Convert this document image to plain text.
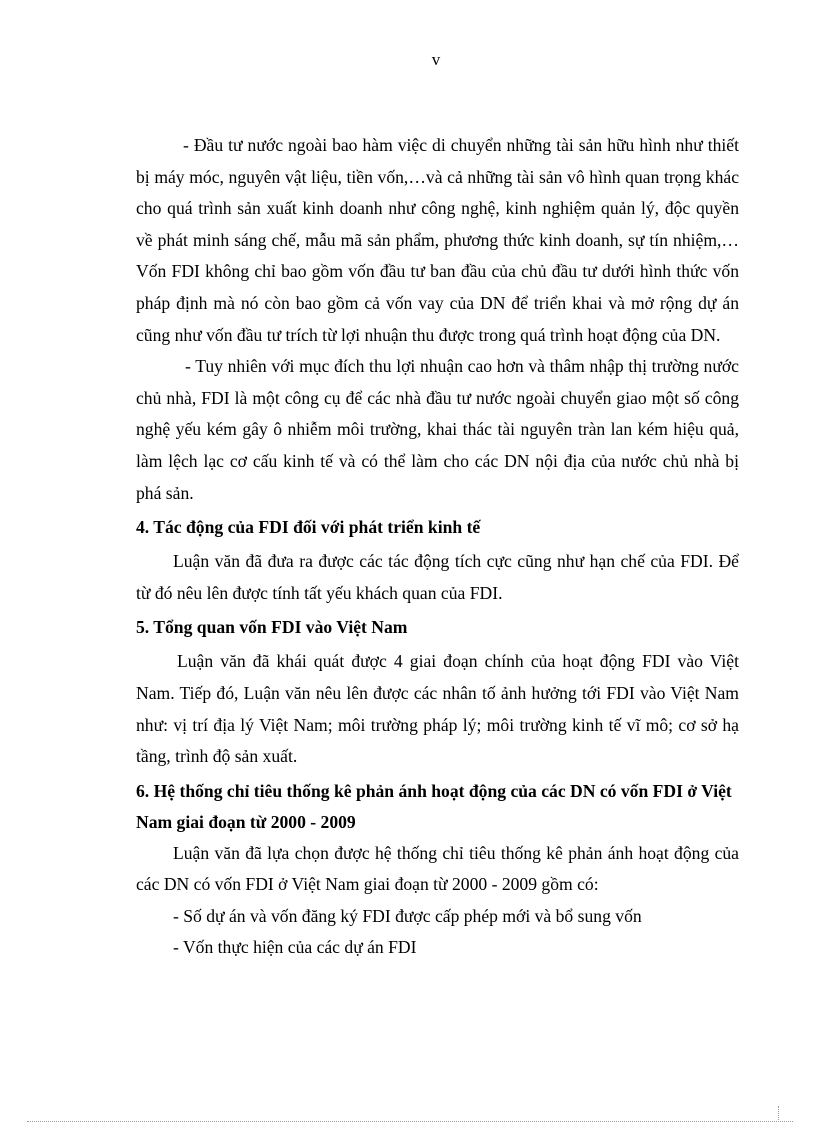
v

- Đầu tư nước ngoài bao hàm việc di chuyển những tài sản hữu hình như thiết bị máy móc, nguyên vật liệu, tiền vốn,…và cả những tài sản vô hình quan trọng khác cho quá trình sản xuất kinh doanh như công nghệ, kinh nghiệm quản lý, độc quyền về phát minh sáng chế, mẫu mã sản phẩm, phương thức kinh doanh, sự tín nhiệm,…Vốn FDI không chỉ bao gồm vốn đầu tư ban đầu của chủ đầu tư dưới hình thức vốn pháp định mà nó còn bao gồm cả vốn vay của DN để triển khai và mở rộng dự án cũng như vốn đầu tư trích từ lợi nhuận thu được trong quá trình hoạt động của DN.

- Tuy nhiên với mục đích thu lợi nhuận cao hơn và thâm nhập thị trường nước chủ nhà, FDI là một công cụ để các nhà đầu tư nước ngoài chuyển giao một số công nghệ yếu kém gây ô nhiễm môi trường, khai thác tài nguyên tràn lan kém hiệu quả, làm lệch lạc cơ cấu kinh tế và có thể làm cho các DN nội địa của nước chủ nhà bị phá sản.

4. Tác động của FDI đối với phát triển kinh tế

Luận văn đã đưa ra được các tác động tích cực cũng như hạn chế của FDI. Để từ đó nêu lên được tính tất yếu khách quan của FDI.

5. Tổng quan vốn FDI vào Việt Nam

Luận văn đã khái quát được 4 giai đoạn chính của hoạt động FDI vào Việt Nam. Tiếp đó, Luận văn nêu lên được các nhân tố ảnh hưởng tới FDI vào Việt Nam như: vị trí địa lý Việt Nam; môi trường pháp lý; môi trường kinh tế vĩ mô; cơ sở hạ tầng, trình độ sản xuất.

6. Hệ thống chỉ tiêu thống kê phản ánh hoạt động của các DN có vốn FDI ở Việt Nam giai đoạn từ 2000 - 2009

Luận văn đã lựa chọn được hệ thống chỉ tiêu thống kê phản ánh hoạt động của các DN có vốn FDI ở Việt Nam giai đoạn từ 2000 - 2009 gồm có:

- Số dự án và vốn đăng ký FDI được cấp phép mới và bổ sung vốn

- Vốn thực hiện của các dự án FDI
